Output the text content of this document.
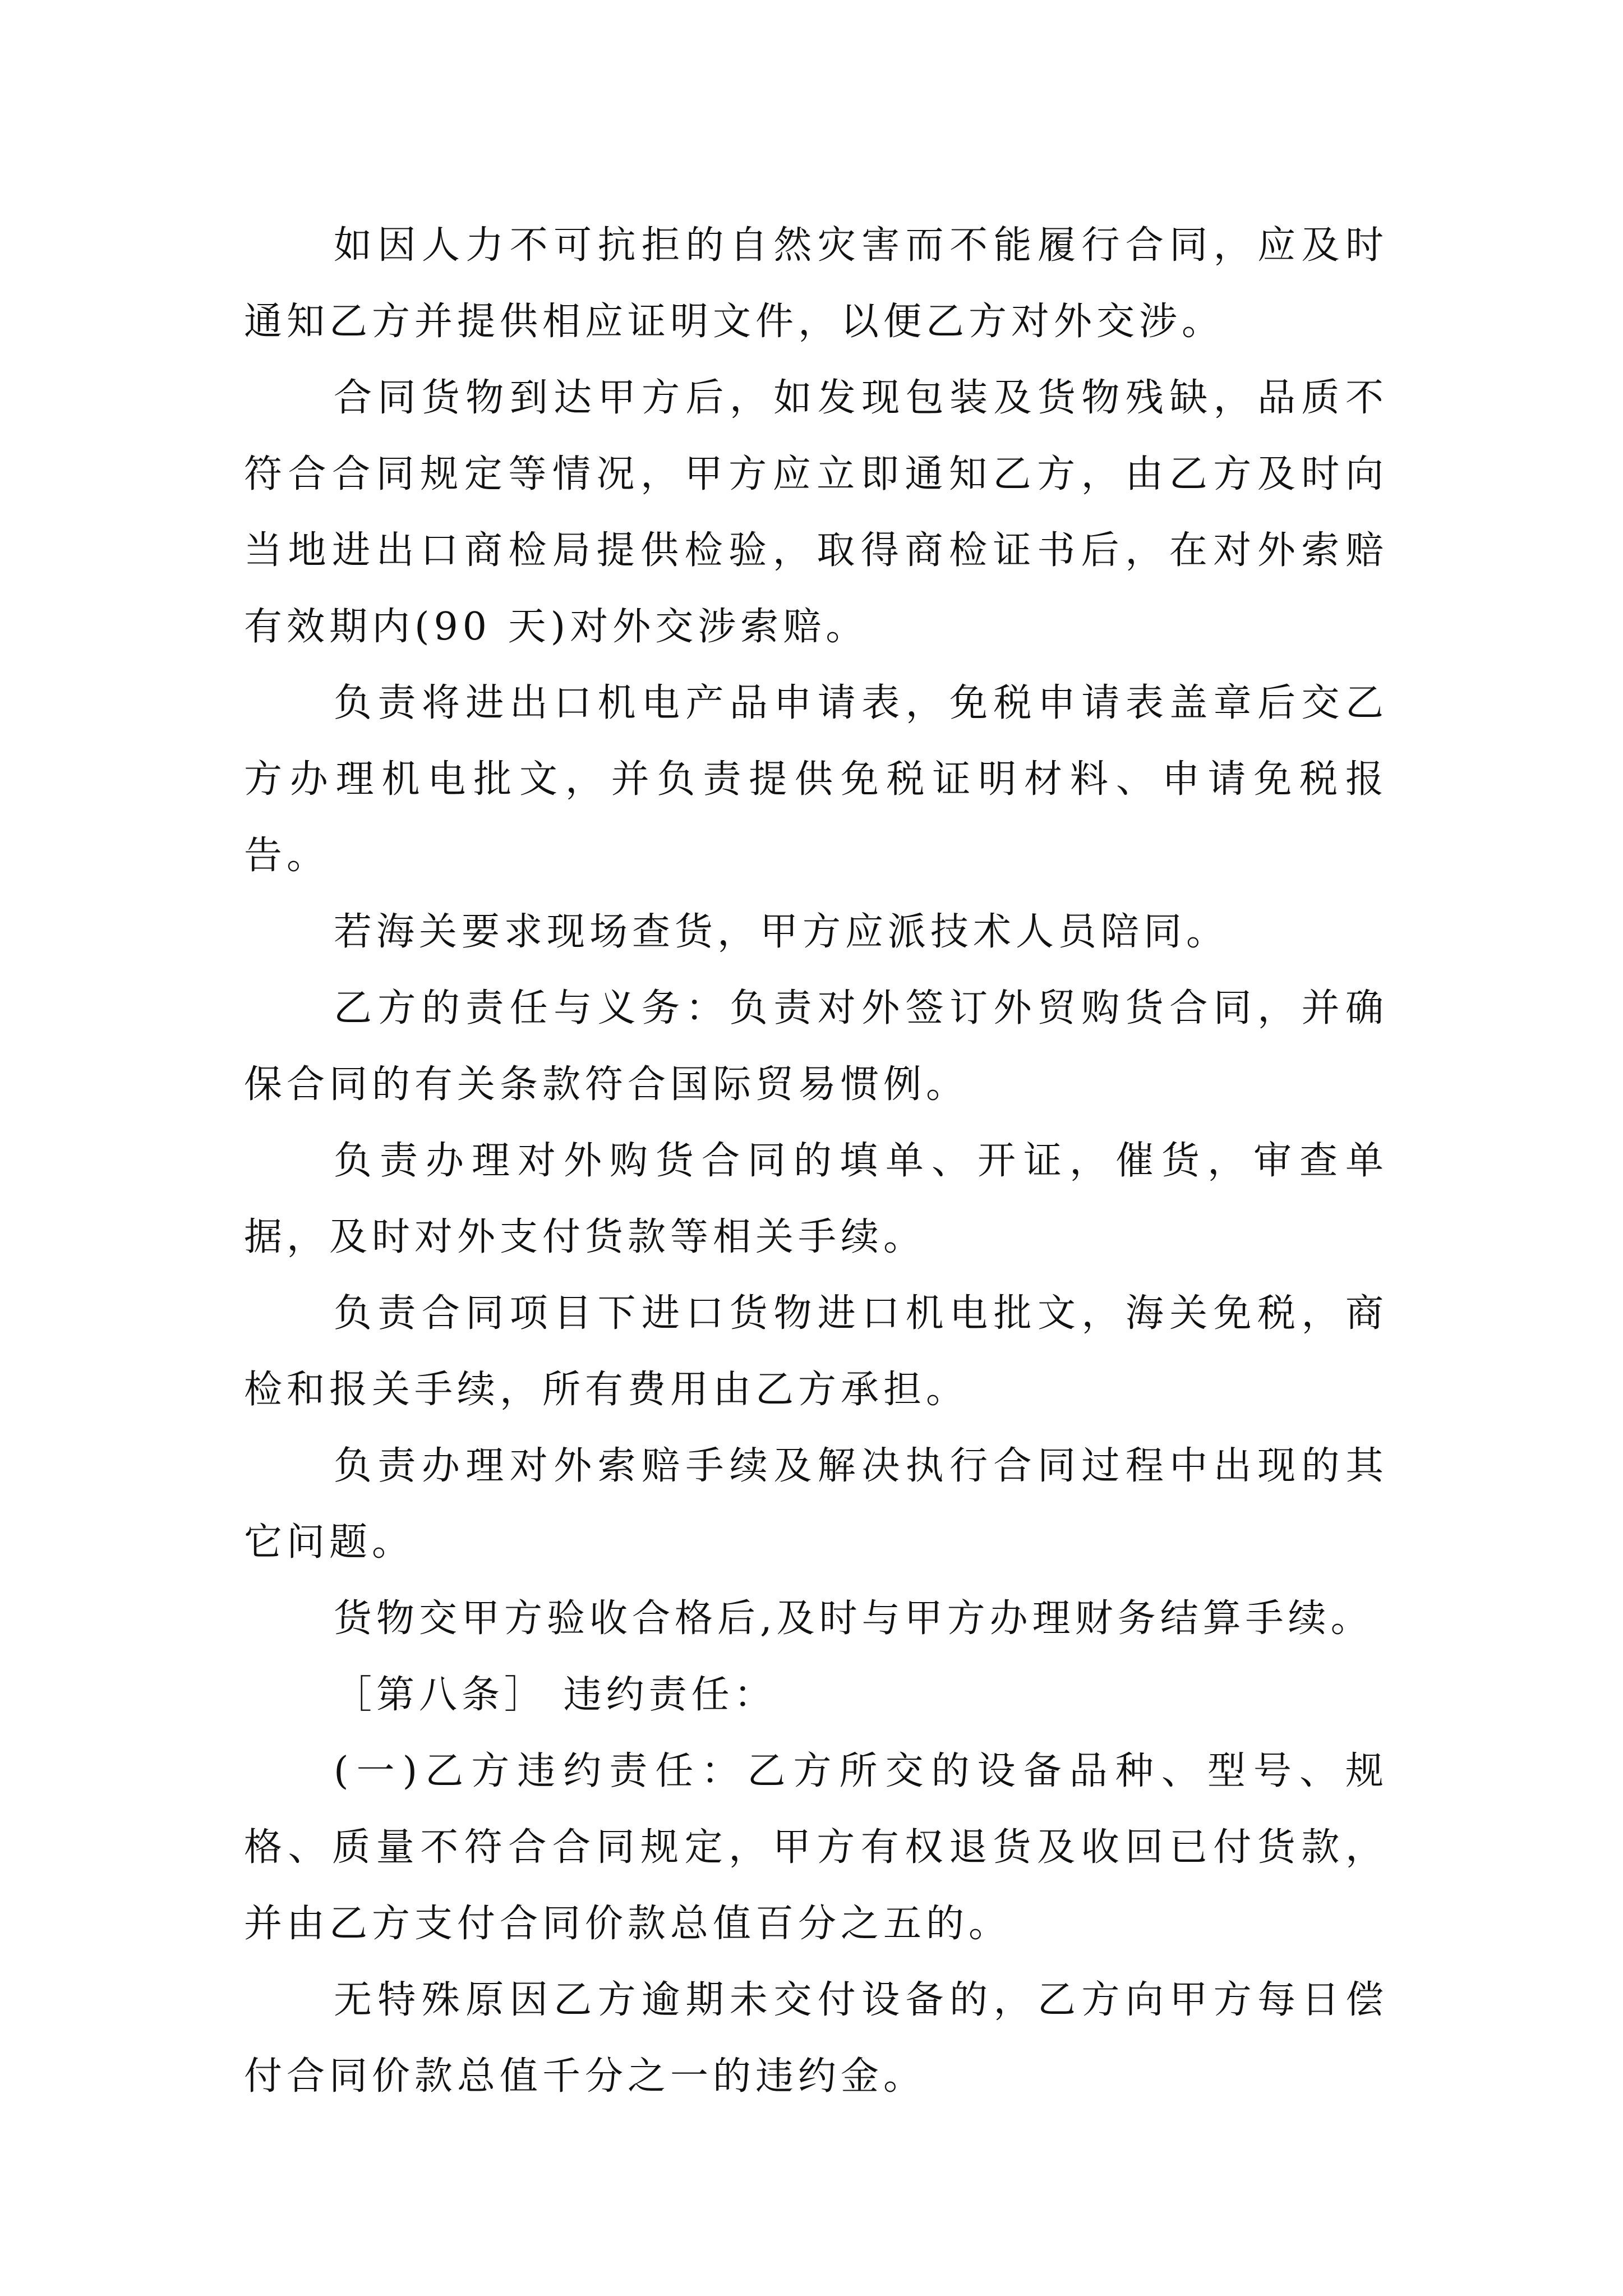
如因人力不可抗拒的自然灾害而不能履行合同，应及时通知乙方并提供相应证明文件，以便乙方对外交涉。

合同货物到达甲方后，如发现包装及货物残缺，品质不符合合同规定等情况，甲方应立即通知乙方，由乙方及时向当地进出口商检局提供检验，取得商检证书后，在对外索赔有效期内(90 天)对外交涉索赔。

负责将进出口机电产品申请表，免税申请表盖章后交乙方办理机电批文，并负责提供免税证明材料、申请免税报告。

若海关要求现场查货，甲方应派技术人员陪同。

乙方的责任与义务：负责对外签订外贸购货合同，并确保合同的有关条款符合国际贸易惯例。

负责办理对外购货合同的填单、开证，催货，审查单据，及时对外支付货款等相关手续。

负责合同项目下进口货物进口机电批文，海关免税，商检和报关手续，所有费用由乙方承担。

负责办理对外索赔手续及解决执行合同过程中出现的其它问题。

货物交甲方验收合格后,及时与甲方办理财务结算手续。

［第八条］ 违约责任：

(一)乙方违约责任：乙方所交的设备品种、型号、规格、质量不符合合同规定，甲方有权退货及收回已付货款，并由乙方支付合同价款总值百分之五的。

无特殊原因乙方逾期未交付设备的，乙方向甲方每日偿付合同价款总值千分之一的违约金。
